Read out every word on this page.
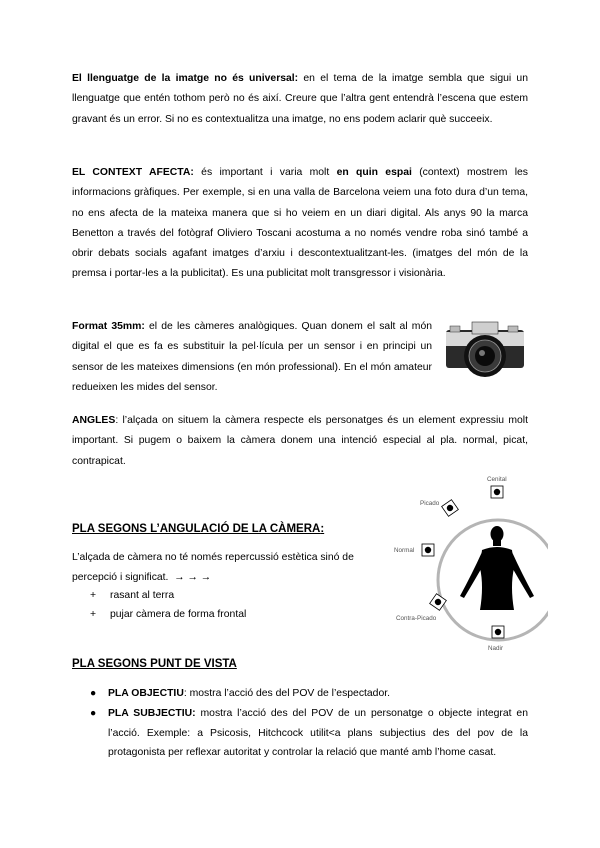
El llenguatge de la imatge no és universal: en el tema de la imatge sembla que sigui un llenguatge que entén tothom però no és així. Creure que l’altra gent entendrà l’escena que estem gravant és un error. Si no es contextualitza una imatge, no ens podem aclarir què succeeix.

EL CONTEXT AFECTA: és important i varia molt en quin espai (context) mostrem les informacions gràfiques. Per exemple, si en una valla de Barcelona veiem una foto dura d’un tema, no ens afecta de la mateixa manera que si ho veiem en un diari digital. Als anys 90 la marca Benetton a través del fotògraf Oliviero Toscani acostuma a no només vendre roba sinó també a obrir debats socials agafant imatges d’arxiu i descontextualitzant-les. (imatges del món de la premsa i portar-les a la publicitat). Es una publicitat molt transgressor i visionària.

Format 35mm: el de les càmeres analògiques. Quan donem el salt al món digital el que es fa es substituir la pel·lícula per un sensor i en principi un sensor de les mateixes dimensions (en món professional). En el món amateur redueixen les mides del sensor.

ANGLES: l’alçada on situem la càmera respecte els personatges és un element expressiu molt important. Si pugem o baixem la càmera donem una intenció especial al pla. normal, picat, contrapicat.

PLA SEGONS L’ANGULACIÓ DE LA CÀMERA:

L’alçada de càmera no té només repercussió estètica sinó de percepció i significat. → → →

+ rasant al terra
+ pujar càmera de forma frontal
Cenital
Picado
Normal
Contra-Picado
Nadir

PLA SEGONS PUNT DE VISTA

● PLA OBJECTIU: mostra l’acció des del POV de l’espectador.
● PLA SUBJECTIU: mostra l’acció des del POV de un personatge o objecte integrat en l’acció. Exemple: a Psicosis, Hitchcock utilit<a plans subjectius des del pov de la protagonista per reflexar autoritat y controlar la relació que manté amb l’home casat.
